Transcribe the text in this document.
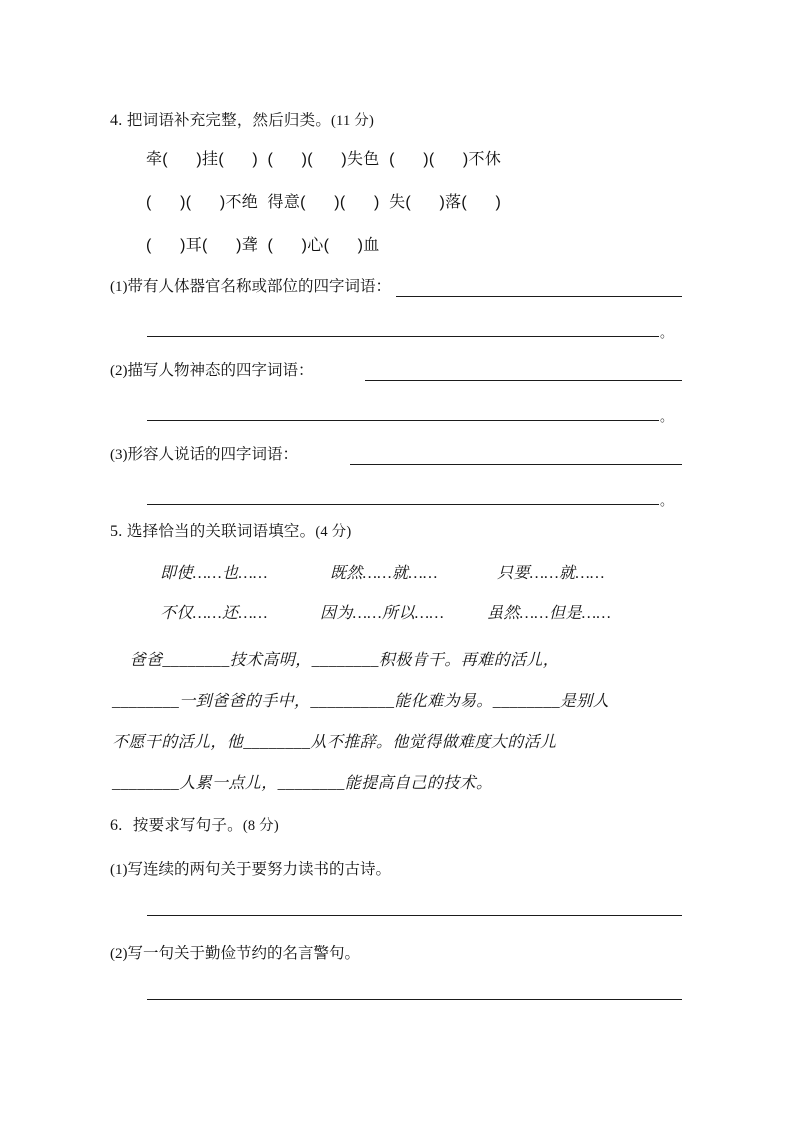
4. 把词语补充完整，然后归类。(11 分)
牵(      )挂(      )  (      )(      )失色  (      )(      )不休
(      )(      )不绝  得意(      )(      )  失(      )落(      )
(      )耳(      )聋  (      )心(      )血
(1)带有人体器官名称或部位的四字词语：
。
(2)描写人物神态的四字词语：
。
(3)形容人说话的四字词语：
。
5. 选择恰当的关联词语填空。(4 分)
即使……也……	既然……就……	只要……就……
不仅……还……	因为……所以……	虽然……但是……
爸爸________技术高明，________积极肯干。再难的活儿，
________一到爸爸的手中，__________能化难为易。________是别人
不愿干的活儿，他________从不推辞。他觉得做难度大的活儿
________人累一点儿，________能提高自己的技术。
6. 按要求写句子。(8 分)
(1)写连续的两句关于要努力读书的古诗。
(2)写一句关于勤俭节约的名言警句。
